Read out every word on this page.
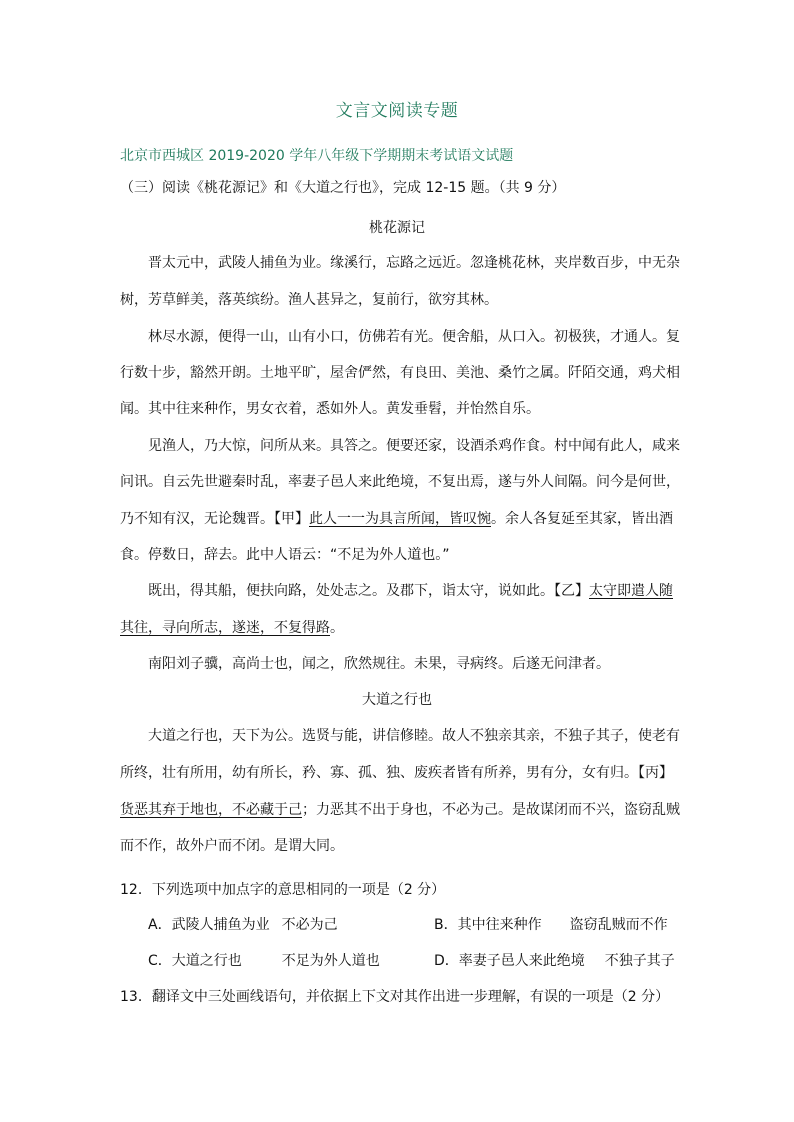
文言文阅读专题
北京市西城区 2019-2020 学年八年级下学期期末考试语文试题
（三）阅读《桃花源记》和《大道之行也》，完成 12-15 题。（共 9 分）
桃花源记
晋太元中，武陵人捕鱼为业。缘溪行，忘路之远近。忽逢桃花林，夹岸数百步，中无杂
树，芳草鲜美，落英缤纷。渔人甚异之，复前行，欲穷其林。
林尽水源，便得一山，山有小口，仿佛若有光。便舍船，从口入。初极狭，才通人。复
行数十步，豁然开朗。土地平旷，屋舍俨然，有良田、美池、桑竹之属。阡陌交通，鸡犬相
闻。其中往来种作，男女衣着，悉如外人。黄发垂髫，并怡然自乐。
见渔人，乃大惊，问所从来。具答之。便要还家，设酒杀鸡作食。村中闻有此人，咸来
问讯。自云先世避秦时乱，率妻子邑人来此绝境，不复出焉，遂与外人间隔。问今是何世，
乃不知有汉，无论魏晋。【甲】此人一一为具言所闻，皆叹惋。余人各复延至其家，皆出酒
食。停数日，辞去。此中人语云：“不足为外人道也。”
既出，得其船，便扶向路，处处志之。及郡下，诣太守，说如此。【乙】太守即遣人随
其往，寻向所志，遂迷，不复得路。
南阳刘子骥，高尚士也，闻之，欣然规往。未果，寻病终。后遂无问津者。
大道之行也
大道之行也，天下为公。选贤与能，讲信修睦。故人不独亲其亲，不独子其子，使老有
所终，壮有所用，幼有所长，矜、寡、孤、独、废疾者皆有所养，男有分，女有归。【丙】
货恶其弃于地也，不必藏于己；力恶其不出于身也，不必为己。是故谋闭而不兴，盗窃乱贼
而不作，故外户而不闭。是谓大同。
12．下列选项中加点字的意思相同的一项是（2 分）
A．武陵人捕鱼为业 不必为己	B．其中往来种作 盗窃乱贼而不作
C．大道之行也	不足为外人道也	D．率妻子邑人来此绝境 不独子其子
13．翻译文中三处画线语句，并依据上下文对其作出进一步理解，有误的一项是（2 分）
